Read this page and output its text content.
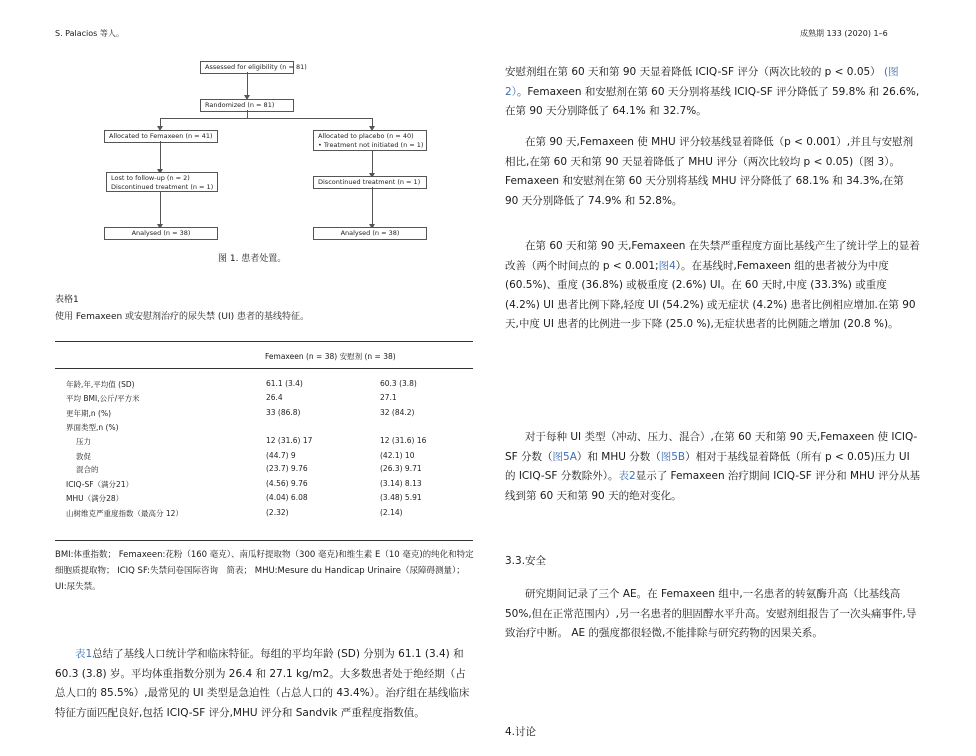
S. Palacios 等人。	成熟期 133 (2020) 1–6
Assessed for eligibility (n = 81)
Randomized (n = 81)
Allocated to Femaxeen (n = 41)	Allocated to placebo (n = 40)
• Treatment not initiated (n = 1)
Lost to follow-up (n = 2)
Discontinued treatment (n = 1)
Discontinued treatment (n = 1)
Analysed (n = 38)	Analysed (n = 38)
图 1. 患者处置。
表格1
使用 Femaxeen 或安慰剂治疗的尿失禁 (UI) 患者的基线特征。
Femaxeen (n = 38) 安慰剂 (n = 38)
年龄,年,平均值 (SD)	61.1 (3.4)	60.3 (3.8)
平均 BMI,公斤/平方米	26.4	27.1
更年期,n (%)	33 (86.8)	32 (84.2)
界面类型,n (%)
压力	12 (31.6) 17	12 (31.6) 16
敦促	(44.7) 9	(42.1) 10
混合的	(23.7) 9.76	(26.3) 9.71
ICIQ-SF（满分21）	(4.56) 9.76	(3.14) 8.13
MHU（满分28）	(4.04) 6.08	(3.48) 5.91
山树维克严重度指数（最高分 12）	(2.32)	(2.14)
BMI:体重指数； Femaxeen:花粉（160 毫克）、南瓜籽提取物（300 毫克)和维生素 E（10 毫克)的纯化和特定细胞质提取物； ICIQ SF:失禁问卷国际咨询　简表； MHU:Mesure du Handicap Urinaire（尿障碍测量）； UI:尿失禁。
表1总结了基线人口统计学和临床特征。每组的平均年龄 (SD) 分别为 61.1 (3.4) 和 60.3 (3.8) 岁。平均体重指数分别为 26.4 和 27.1 kg/m2。大多数患者处于绝经期（占总人口的 85.5%）,最常见的 UI 类型是急迫性（占总人口的 43.4%）。治疗组在基线临床特征方面匹配良好,包括 ICIQ-SF 评分,MHU 评分和 Sandvik 严重程度指数值。
安慰剂组在第 60 天和第 90 天显着降低 ICIQ-SF 评分（两次比较的 p < 0.05） (图2）。Femaxeen 和安慰剂在第 60 天分别将基线 ICIQ-SF 评分降低了 59.8% 和 26.6%,在第 90 天分别降低了 64.1% 和 32.7%。
在第 90 天,Femaxeen 使 MHU 评分较基线显着降低（p < 0.001）,并且与安慰剂相比,在第 60 天和第 90 天显着降低了 MHU 评分（两次比较均 p < 0.05)（图 3）。Femaxeen 和安慰剂在第 60 天分别将基线 MHU 评分降低了 68.1% 和 34.3%,在第 90 天分别降低了 74.9% 和 52.8%。
在第 60 天和第 90 天,Femaxeen 在失禁严重程度方面比基线产生了统计学上的显着改善（两个时间点的 p < 0.001;图4）。在基线时,Femaxeen 组的患者被分为中度 (60.5%)、重度 (36.8%) 或极重度 (2.6%) UI。在 60 天时,中度 (33.3%) 或重度 (4.2%) UI 患者比例下降,轻度 UI (54.2%) 或无症状 (4.2%) 患者比例相应增加.在第 90 天,中度 UI 患者的比例进一步下降 (25.0 %),无症状患者的比例随之增加 (20.8 %)。
对于每种 UI 类型（冲动、压力、混合）,在第 60 天和第 90 天,Femaxeen 使 ICIQ-SF 分数（图5A）和 MHU 分数（图5B）相对于基线显着降低（所有 p < 0.05)压力 UI 的 ICIQ-SF 分数除外）。表2显示了 Femaxeen 治疗期间 ICIQ-SF 评分和 MHU 评分从基线到第 60 天和第 90 天的绝对变化。
3.3.安全
研究期间记录了三个 AE。在 Femaxeen 组中,一名患者的转氨酶升高（比基线高 50%,但在正常范围内）,另一名患者的胆固醇水平升高。安慰剂组报告了一次头痛事件,导致治疗中断。 AE 的强度都很轻微,不能排除与研究药物的因果关系。
4.讨论
